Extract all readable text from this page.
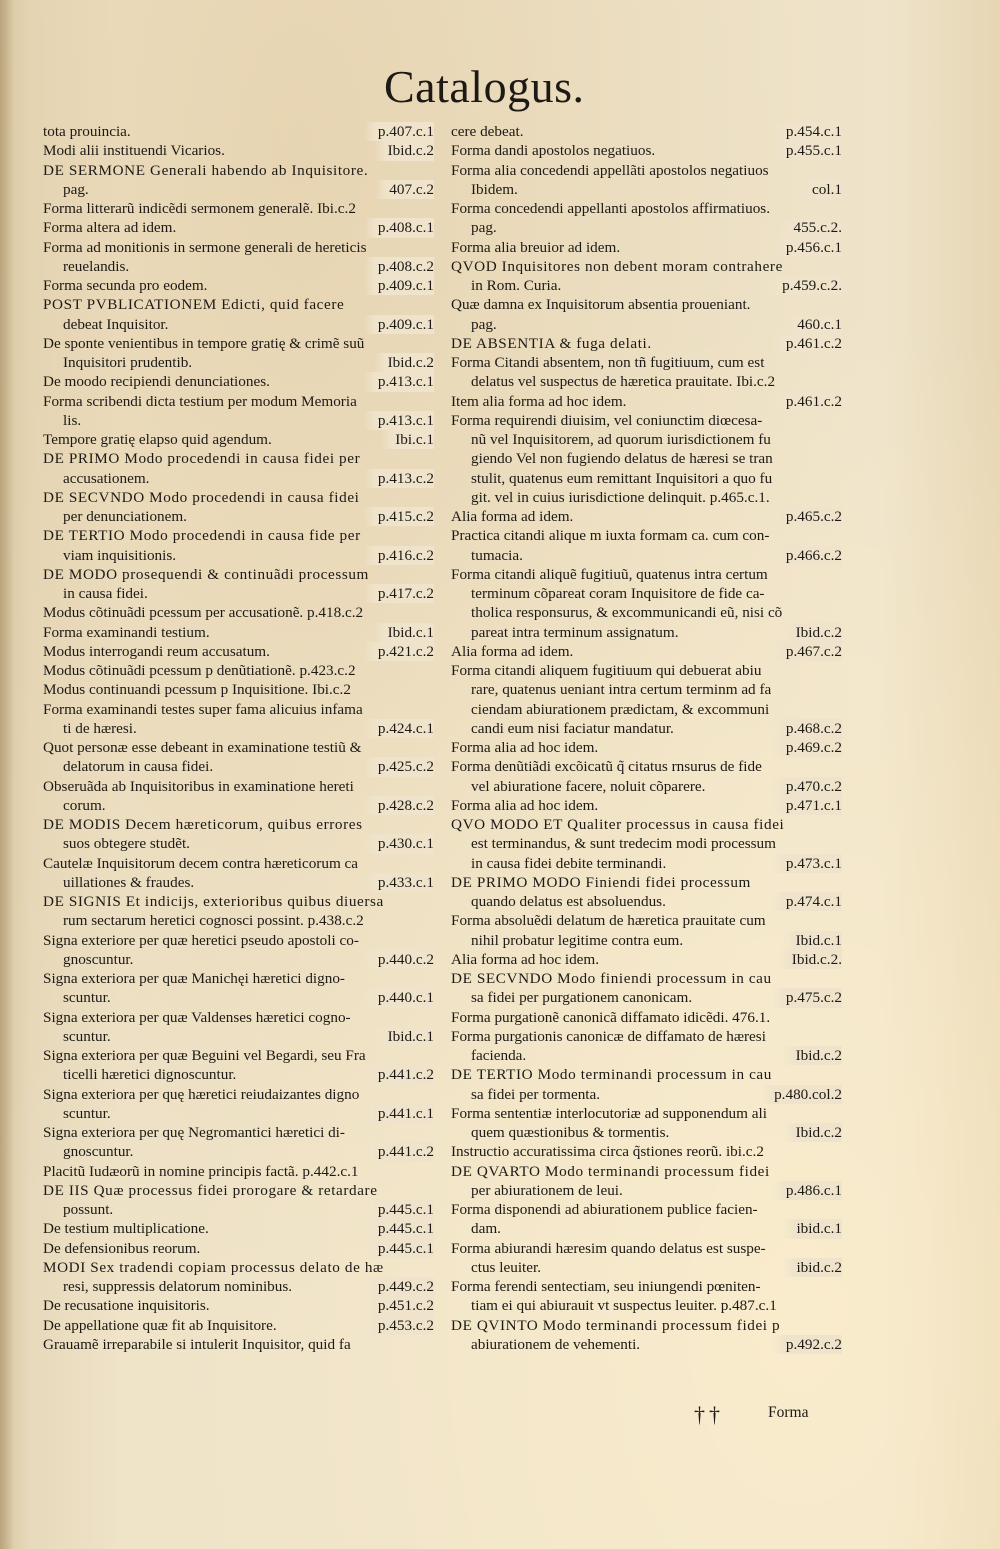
Catalogus.
tota prouincia.	p.407.c.1
Modi alii instituendi Vicarios.	Ibid.c.2
DE SERMONE Generali habendo ab Inquisitore.
pag.	407.c.2
Forma litterarũ indicẽdi sermonem generalẽ. Ibi.c.2
Forma altera ad idem.	p.408.c.1
Forma ad monitionis in sermone generali de hereticis
reuelandis.	p.408.c.2
Forma secunda pro eodem.	p.409.c.1
POST PVBLICATIONEM Edicti, quid facere
debeat Inquisitor.	p.409.c.1
De sponte venientibus in tempore gratię & crimẽ suũ
Inquisitori prudentib.	Ibid.c.2
De moodo recipiendi denunciationes.	p.413.c.1
Forma scribendi dicta testium per modum Memoria
lis.	p.413.c.1
Tempore gratię elapso quid agendum.	Ibi.c.1
DE PRIMO Modo procedendi in causa fidei per
accusationem.	p.413.c.2
DE SECVNDO Modo procedendi in causa fidei
per denunciationem.	p.415.c.2
DE TERTIO Modo procedendi in causa fide per
viam inquisitionis.	p.416.c.2
DE MODO prosequendi & continuãdi processum
in causa fidei.	p.417.c.2
Modus cõtinuãdi pcessum per accusationẽ. p.418.c.2
Forma examinandi testium.	Ibid.c.1
Modus interrogandi reum accusatum.	p.421.c.2
Modus cõtinuãdi pcessum p denũtiationẽ. p.423.c.2
Modus continuandi pcessum p Inquisitione. Ibi.c.2
Forma examinandi testes super fama alicuius infama
ti de hæresi.	p.424.c.1
Quot personæ esse debeant in examinatione testiũ &
delatorum in causa fidei.	p.425.c.2
Obseruãda ab Inquisitoribus in examinatione hereti
corum.	p.428.c.2
DE MODIS Decem hæreticorum, quibus errores
suos obtegere studẽt.	p.430.c.1
Cautelæ Inquisitorum decem contra hæreticorum ca
uillationes & fraudes.	p.433.c.1
DE SIGNIS Et indicijs, exterioribus quibus diuersa
rum sectarum heretici cognosci possint. p.438.c.2
Signa exteriore per quæ heretici pseudo apostoli co-
gnoscuntur.	p.440.c.2
Signa exteriora per quæ Manichęi hæretici digno-
scuntur.	p.440.c.1
Signa exteriora per quæ Valdenses hæretici cogno-
scuntur.	Ibid.c.1
Signa exteriora per quæ Beguini vel Begardi, seu Fra
ticelli hæretici dignoscuntur.	p.441.c.2
Signa exteriora per quę hæretici reiudaizantes digno
scuntur.	p.441.c.1
Signa exteriora per quę Negromantici hæretici di-
gnoscuntur.	p.441.c.2
Placitũ Iudæorũ in nomine principis factã. p.442.c.1
DE IIS Quæ processus fidei prorogare & retardare
possunt.	p.445.c.1
De testium multiplicatione.	p.445.c.1
De defensionibus reorum.	p.445.c.1
MODI Sex tradendi copiam processus delato de hæ
resi, suppressis delatorum nominibus.	p.449.c.2
De recusatione inquisitoris.	p.451.c.2
De appellatione quæ fit ab Inquisitore.	p.453.c.2
Grauamẽ irreparabile si intulerit Inquisitor, quid fa
cere debeat.	p.454.c.1
Forma dandi apostolos negatiuos.	p.455.c.1
Forma alia concedendi appellãti apostolos negatiuos
Ibidem.	col.1
Forma concedendi appellanti apostolos affirmatiuos.
pag.	455.c.2.
Forma alia breuior ad idem.	p.456.c.1
QVOD Inquisitores non debent moram contrahere
in Rom. Curia.	p.459.c.2.
Quæ damna ex Inquisitorum absentia proueniant.
pag.	460.c.1
DE ABSENTIA & fuga delati.	p.461.c.2
Forma Citandi absentem, non tñ fugitiuum, cum est
delatus vel suspectus de hæretica prauitate. Ibi.c.2
Item alia forma ad hoc idem.	p.461.c.2
Forma requirendi diuisim, vel coniunctim diœcesa-
nũ vel Inquisitorem, ad quorum iurisdictionem fu
giendo Vel non fugiendo delatus de hæresi se tran
stulit, quatenus eum remittant Inquisitori a quo fu
git. vel in cuius iurisdictione delinquit. p.465.c.1.
Alia forma ad idem.	p.465.c.2
Practica citandi alique m iuxta formam ca. cum con-
tumacia.	p.466.c.2
Forma citandi aliquẽ fugitiuũ, quatenus intra certum
terminum cõpareat coram Inquisitore de fide ca-
tholica responsurus, & excommunicandi eũ, nisi cõ
pareat intra terminum assignatum.	Ibid.c.2
Alia forma ad idem.	p.467.c.2
Forma citandi aliquem fugitiuum qui debuerat abiu
rare, quatenus ueniant intra certum terminm ad fa
ciendam abiurationem prædictam, & excommuni
candi eum nisi faciatur mandatur.	p.468.c.2
Forma alia ad hoc idem.	p.469.c.2
Forma denũtiãdi excõicatũ q̃ citatus rnsurus de fide
vel abiuratione facere, noluit cõparere.	p.470.c.2
Forma alia ad hoc idem.	p.471.c.1
QVO MODO ET Qualiter processus in causa fidei
est terminandus, & sunt tredecim modi processum
in causa fidei debite terminandi.	p.473.c.1
DE PRIMO MODO Finiendi fidei processum
quando delatus est absoluendus.	p.474.c.1
Forma absoluẽdi delatum de hæretica prauitate cum
nihil probatur legitime contra eum.	Ibid.c.1
Alia forma ad hoc idem.	Ibid.c.2.
DE SECVNDO Modo finiendi processum in cau
sa fidei per purgationem canonicam.	p.475.c.2
Forma purgationẽ canonicã diffamato idicẽdi. 476.1.
Forma purgationis canonicæ de diffamato de hæresi
facienda.	Ibid.c.2
DE TERTIO Modo terminandi processum in cau
sa fidei per tormenta.	p.480.col.2
Forma sententiæ interlocutoriæ ad supponendum ali
quem quæstionibus & tormentis.	Ibid.c.2
Instructio accuratissima circa q̃stiones reorũ. ibi.c.2
DE QVARTO Modo terminandi processum fidei
per abiurationem de leui.	p.486.c.1
Forma disponendi ad abiurationem publice facien-
dam.	ibid.c.1
Forma abiurandi hæresim quando delatus est suspe-
ctus leuiter.	ibid.c.2
Forma ferendi sentectiam, seu iniungendi pœniten-
tiam ei qui abiurauit vt suspectus leuiter. p.487.c.1
DE QVINTO Modo terminandi processum fidei p
abiurationem de vehementi.	p.492.c.2
††	Forma
